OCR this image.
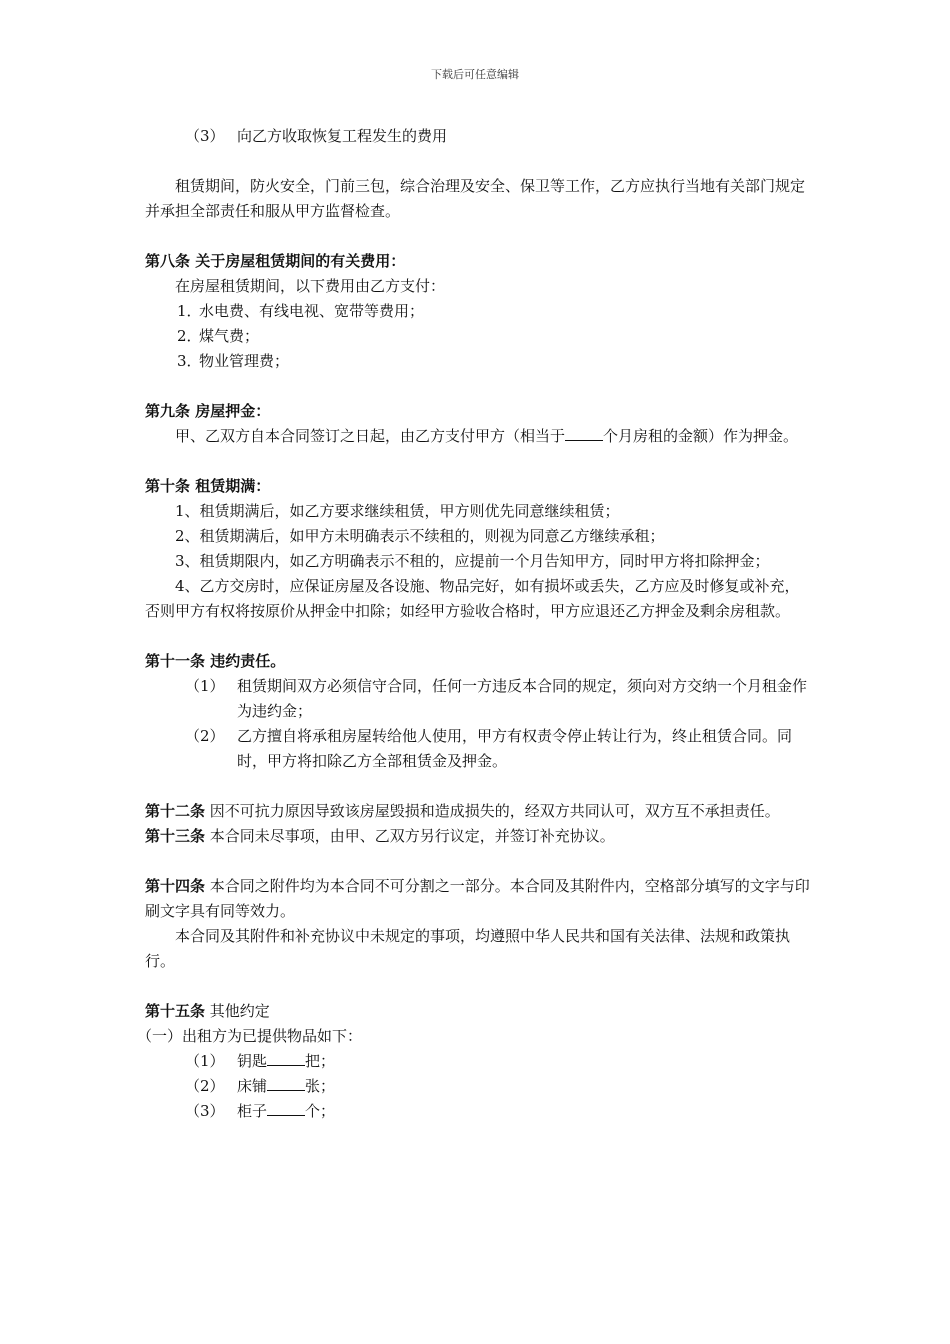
下载后可任意编辑
（3） 向乙方收取恢复工程发生的费用

租赁期间，防火安全，门前三包，综合治理及安全、保卫等工作，乙方应执行当地有关部门规定并承担全部责任和服从甲方监督检查。

第八条 关于房屋租赁期间的有关费用：

在房屋租赁期间，以下费用由乙方支付：

1．水电费、有线电视、宽带等费用；

2．煤气费；

3．物业管理费；

第九条 房屋押金：

甲、乙双方自本合同签订之日起，由乙方支付甲方（相当于	个月房租的金额）作为押金。

第十条 租赁期满：

1、租赁期满后，如乙方要求继续租赁，甲方则优先同意继续租赁；

2、租赁期满后，如甲方未明确表示不续租的，则视为同意乙方继续承租；

3、租赁期限内，如乙方明确表示不租的，应提前一个月告知甲方，同时甲方将扣除押金；

4、乙方交房时，应保证房屋及各设施、物品完好，如有损坏或丢失，乙方应及时修复或补充，否则甲方有权将按原价从押金中扣除；如经甲方验收合格时，甲方应退还乙方押金及剩余房租款。

第十一条 违约责任。

（1） 租赁期间双方必须信守合同，任何一方违反本合同的规定，须向对方交纳一个月租金作为违约金；
（2） 乙方擅自将承租房屋转给他人使用，甲方有权责令停止转让行为，终止租赁合同。同时，甲方将扣除乙方全部租赁金及押金。

第十二条 因不可抗力原因导致该房屋毁损和造成损失的，经双方共同认可，双方互不承担责任。

第十三条 本合同未尽事项，由甲、乙双方另行议定，并签订补充协议。

第十四条 本合同之附件均为本合同不可分割之一部分。本合同及其附件内，空格部分填写的文字与印刷文字具有同等效力。

本合同及其附件和补充协议中未规定的事项，均遵照中华人民共和国有关法律、法规和政策执行。

第十五条 其他约定

（一）出租方为已提供物品如下：

（1） 钥匙	把；
（2） 床铺	张；
（3） 柜子	个；
